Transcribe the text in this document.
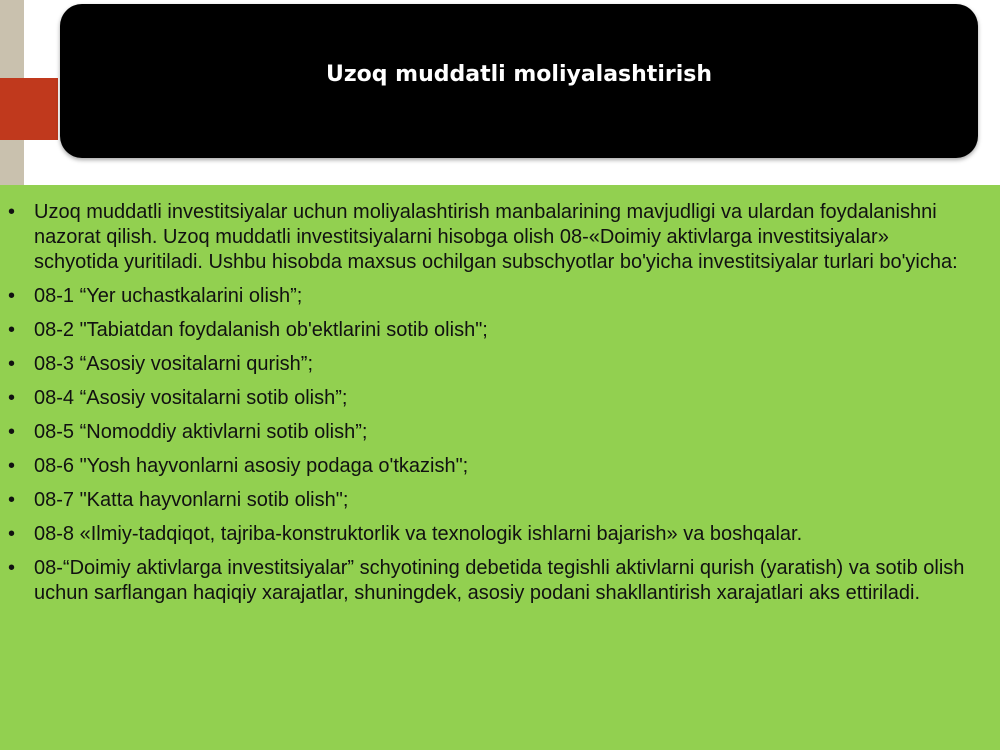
Uzoq muddatli moliyalashtirish
• Uzoq muddatli investitsiyalar uchun moliyalashtirish manbalarining mavjudligi va ulardan foydalanishni nazorat qilish. Uzoq muddatli investitsiyalarni hisobga olish 08-«Doimiy aktivlarga investitsiyalar» schyotida yuritiladi. Ushbu hisobda maxsus ochilgan subschyotlar bo'yicha investitsiyalar turlari bo'yicha:
• 08-1 “Yer uchastkalarini olish”;
• 08-2 "Tabiatdan foydalanish ob'ektlarini sotib olish";
• 08-3 “Asosiy vositalarni qurish”;
• 08-4 “Asosiy vositalarni sotib olish”;
• 08-5 “Nomoddiy aktivlarni sotib olish”;
• 08-6 "Yosh hayvonlarni asosiy podaga o'tkazish";
• 08-7 "Katta hayvonlarni sotib olish";
• 08-8 «Ilmiy-tadqiqot, tajriba-konstruktorlik va texnologik ishlarni bajarish» va boshqalar.
• 08-“Doimiy aktivlarga investitsiyalar” schyotining debetida tegishli aktivlarni qurish (yaratish) va sotib olish uchun sarflangan haqiqiy xarajatlar, shuningdek, asosiy podani shakllantirish xarajatlari aks ettiriladi.
